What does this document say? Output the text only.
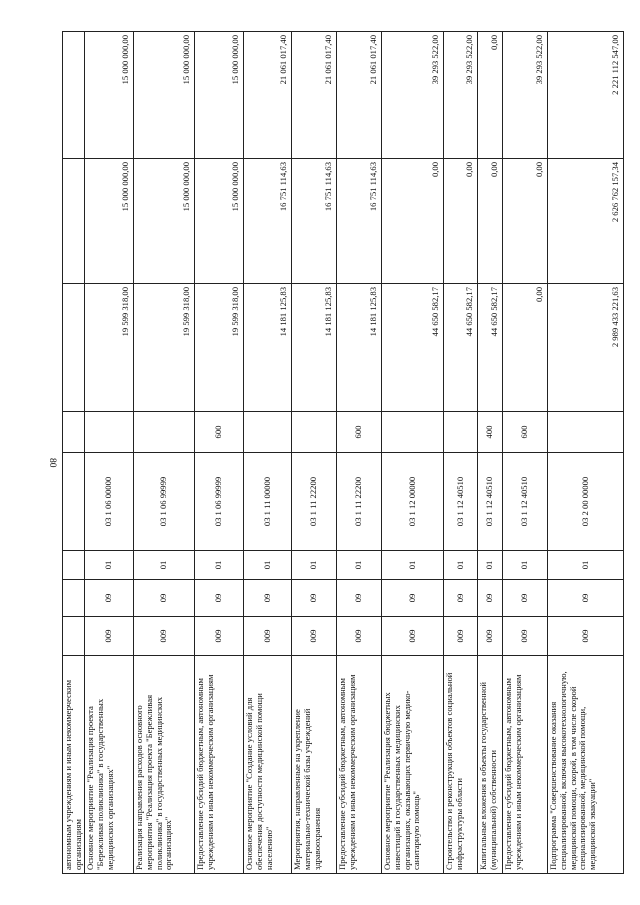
80
автономным учреждениям и иным некоммерческим организациям								
Основное мероприятие "Реализация проекта "Бережливая поликлиника" в государственных медицинских организациях"	009	09	01	03 1 06 00000		19 599 318,00	15 000 000,00	15 000 000,00
Реализация направления расходов основного мероприятия "Реализация проекта "Бережливая поликлиника" в государственных медицинских организациях"	009	09	01	03 1 06 99999		19 599 318,00	15 000 000,00	15 000 000,00
Предоставление субсидий бюджетным, автономным учреждениям и иным некоммерческим организациям	009	09	01	03 1 06 99999	600	19 599 318,00	15 000 000,00	15 000 000,00
Основное мероприятие "Создание условий для обеспечения доступности медицинской помощи населению"	009	09	01	03 1 11 00000		14 181 125,83	16 751 114,63	21 061 017,40
Мероприятия, направленные на укрепление материально-технической базы учреждений здравоохранения	009	09	01	03 1 11 22200		14 181 125,83	16 751 114,63	21 061 017,40
Предоставление субсидий бюджетным, автономным учреждениям и иным некоммерческим организациям	009	09	01	03 1 11 22200	600	14 181 125,83	16 751 114,63	21 061 017,40
Основное мероприятие "Реализация бюджетных инвестиций в государственных медицинских организациях, оказывающих первичную медико-санитарную помощь"	009	09	01	03 1 12 00000		44 650 582,17	0,00	39 293 522,00
Строительство и реконструкция объектов социальной инфраструктуры области	009	09	01	03 1 12 40510		44 650 582,17	0,00	39 293 522,00
Капитальные вложения в объекты государственной (муниципальной) собственности	009	09	01	03 1 12 40510	400	44 650 582,17	0,00	0,00
Предоставление субсидий бюджетным, автономным учреждениям и иным некоммерческим организациям	009	09	01	03 1 12 40510	600	0,00	0,00	39 293 522,00
Подпрограмма "Совершенствование оказания специализированной, включая высокотехнологичную, медицинской помощи, скорой, в том числе скорой специализированной, медицинской помощи, медицинской эвакуации"	009	09	01	03 2 00 00000		2 989 433 221,63	2 626 762 157,34	2 221 112 547,00
